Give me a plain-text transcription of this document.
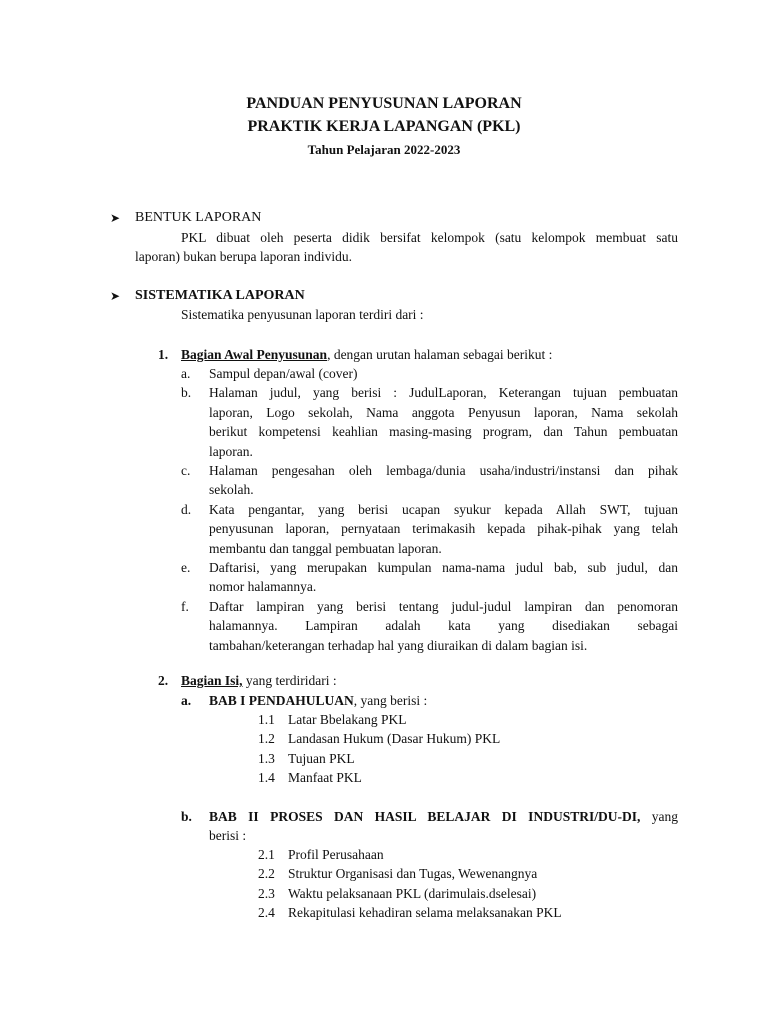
PANDUAN PENYUSUNAN LAPORAN
PRAKTIK KERJA LAPANGAN (PKL)
Tahun Pelajaran 2022-2023
➤ BENTUK LAPORAN
PKL dibuat oleh peserta didik bersifat kelompok (satu kelompok membuat satu
laporan) bukan berupa laporan individu.
➤ SISTEMATIKA LAPORAN
Sistematika penyusunan laporan terdiri dari :
1. Bagian Awal Penyusunan, dengan urutan halaman sebagai berikut :
a.	Sampul depan/awal (cover)
b.	Halaman judul, yang berisi : JudulLaporan, Keterangan tujuan pembuatan
laporan, Logo sekolah, Nama anggota Penyusun laporan, Nama sekolah
berikut kompetensi keahlian masing-masing program, dan Tahun pembuatan
laporan.
c.	Halaman pengesahan oleh lembaga/dunia usaha/industri/instansi dan pihak
sekolah.
d.	Kata pengantar, yang berisi ucapan syukur kepada Allah SWT, tujuan
penyusunan laporan, pernyataan terimakasih kepada pihak-pihak yang telah
membantu dan tanggal pembuatan laporan.
e.	Daftarisi, yang merupakan kumpulan nama-nama judul bab, sub judul, dan
nomor halamannya.
f.	Daftar lampiran yang berisi tentang judul-judul lampiran dan penomoran
halamannya. Lampiran adalah kata yang disediakan sebagai
tambahan/keterangan terhadap hal yang diuraikan di dalam bagian isi.
2. Bagian Isi, yang terdiridari :
a. BAB I PENDAHULUAN, yang berisi :
1.1 Latar Bbelakang PKL
1.2 Landasan Hukum (Dasar Hukum) PKL
1.3 Tujuan PKL
1.4 Manfaat PKL
b. BAB II PROSES DAN HASIL BELAJAR DI INDUSTRI/DU-DI, yang
berisi :
2.1 Profil Perusahaan
2.2 Struktur Organisasi dan Tugas, Wewenangnya
2.3 Waktu pelaksanaan PKL (darimulais.dselesai)
2.4 Rekapitulasi kehadiran selama melaksanakan PKL
